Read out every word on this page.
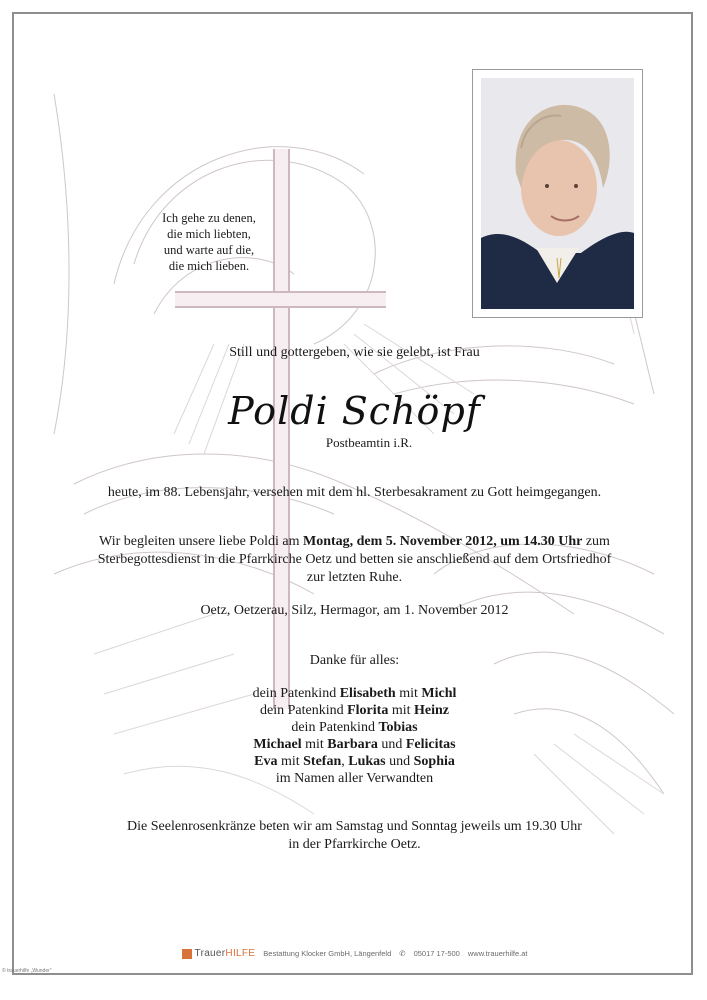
Ich gehe zu denen,
die mich liebten,
und warte auf die,
die mich lieben.
Still und gottergeben, wie sie gelebt, ist Frau
Poldi Schöpf
Postbeamtin i.R.
heute, im 88. Lebensjahr, versehen mit dem hl. Sterbesakrament zu Gott heimgegangen.
Wir begleiten unsere liebe Poldi am Montag, dem 5. November 2012, um 14.30 Uhr zum
Sterbegottesdienst in die Pfarrkirche Oetz und betten sie anschließend auf dem Ortsfriedhof
zur letzten Ruhe.
Oetz, Oetzerau, Silz, Hermagor, am 1. November 2012
Danke für alles:
dein Patenkind Elisabeth mit Michl
dein Patenkind Florita mit Heinz
dein Patenkind Tobias
Michael mit Barbara und Felicitas
Eva mit Stefan, Lukas und Sophia
im Namen aller Verwandten
Die Seelenrosenkränze beten wir am Samstag und Sonntag jeweils um 19.30 Uhr
in der Pfarrkirche Oetz.
Trauer HILFE Bestattung Klocker GmbH, Längenfeld ✆ 05017 17-500 www.trauerhilfe.at
© trauerhilfe „Wunder“
